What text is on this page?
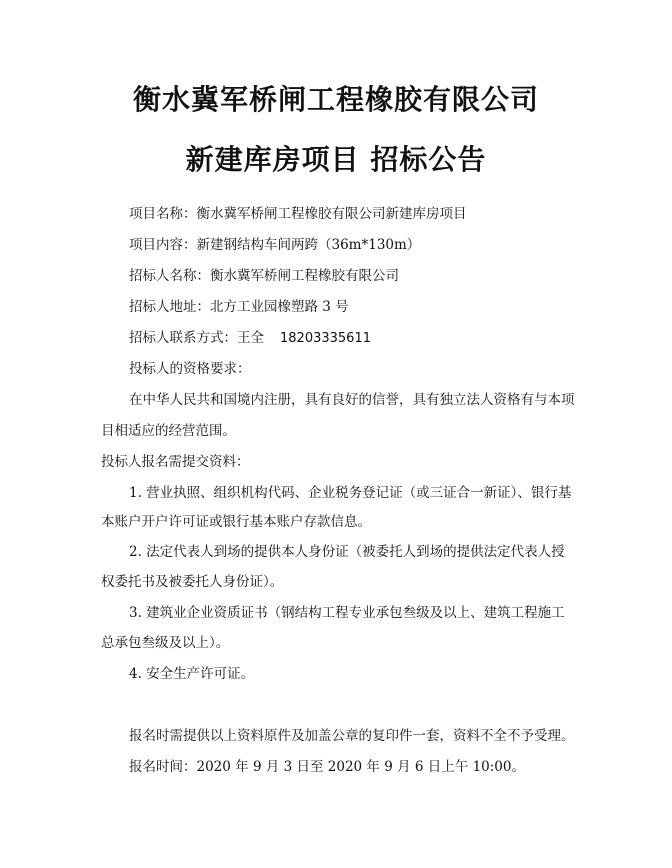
衡水冀军桥闸工程橡胶有限公司
新建库房项目 招标公告
项目名称：衡水冀军桥闸工程橡胶有限公司新建库房项目
项目内容：新建钢结构车间两跨（36m*130m）
招标人名称：衡水冀军桥闸工程橡胶有限公司
招标人地址：北方工业园橡塑路 3 号
招标人联系方式：王全 18203335611
投标人的资格要求：
在中华人民共和国境内注册，具有良好的信誉，具有独立法人资格有与本项
目相适应的经营范围。
投标人报名需提交资料：
1. 营业执照、组织机构代码、企业税务登记证（或三证合一新证）、银行基
本账户开户许可证或银行基本账户存款信息。
2. 法定代表人到场的提供本人身份证（被委托人到场的提供法定代表人授
权委托书及被委托人身份证）。
3. 建筑业企业资质证书（钢结构工程专业承包叁级及以上、建筑工程施工
总承包叁级及以上）。
4. 安全生产许可证。
报名时需提供以上资料原件及加盖公章的复印件一套，资料不全不予受理。
报名时间：2020 年 9 月 3 日至 2020 年 9 月 6 日上午 10:00。
